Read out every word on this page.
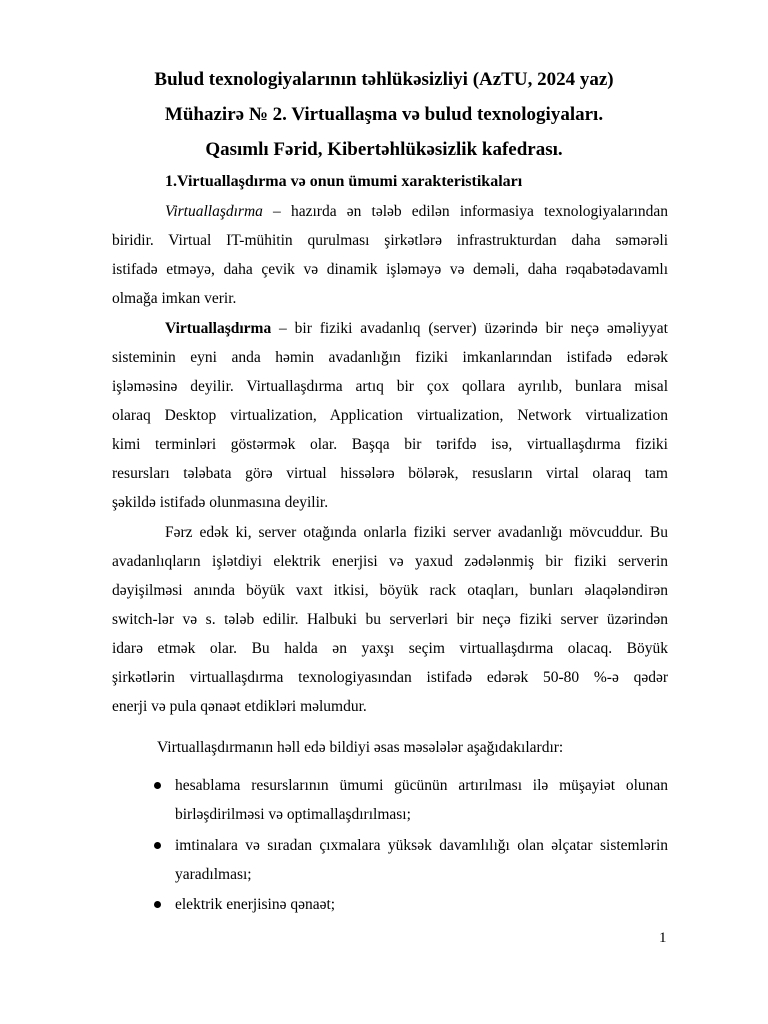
Bulud texnologiyalarının təhlükəsizliyi (AzTU, 2024 yaz)
Mühazirə № 2. Virtuallaşma və bulud texnologiyaları.
Qasımlı Fərid, Kibertəhlükəsizlik kafedrası.
1.Virtuallaşdırma və onun ümumi xarakteristikaları
Virtuallaşdırma – hazırda ən tələb edilən informasiya texnologiyalarından
biridir. Virtual IT-mühitin qurulması şirkətlərə infrastrukturdan daha səmərəli
istifadə etməyə, daha çevik və dinamik işləməyə və deməli, daha rəqabətədavamlı
olmağa imkan verir.
Virtuallaşdırma – bir fiziki avadanlıq (server) üzərində bir neçə əməliyyat
sisteminin eyni anda həmin avadanlığın fiziki imkanlarından istifadə edərək
işləməsinə deyilir. Virtuallaşdırma artıq bir çox qollara ayrılıb, bunlara misal
olaraq Desktop virtualization, Application virtualization, Network virtualization
kimi terminləri göstərmək olar. Başqa bir tərifdə isə, virtuallaşdırma fiziki
resursları tələbata görə virtual hissələrə bölərək, resusların virtal olaraq tam
şəkildə istifadə olunmasına deyilir.
Fərz edək ki, server otağında onlarla fiziki server avadanlığı mövcuddur. Bu
avadanlıqların işlətdiyi elektrik enerjisi və yaxud zədələnmiş bir fiziki serverin
dəyişilməsi anında böyük vaxt itkisi, böyük rack otaqları, bunları əlaqələndirən
switch-lər və s. tələb edilir. Halbuki bu serverləri bir neçə fiziki server üzərindən
idarə etmək olar. Bu halda ən yaxşı seçim virtuallaşdırma olacaq. Böyük
şirkətlərin virtuallaşdırma texnologiyasından istifadə edərək 50-80 %-ə qədər
enerji və pula qənaət etdikləri məlumdur.
Virtuallaşdırmanın həll edə bildiyi əsas məsələlər aşağıdakılardır:
hesablama resurslarının ümumi gücünün artırılması ilə müşayiət olunan
birləşdirilməsi və optimallaşdırılması;
imtinalara və sıradan çıxmalara yüksək davamlılığı olan əlçatar sistemlərin
yaradılması;
elektrik enerjisinə qənaət;
1
